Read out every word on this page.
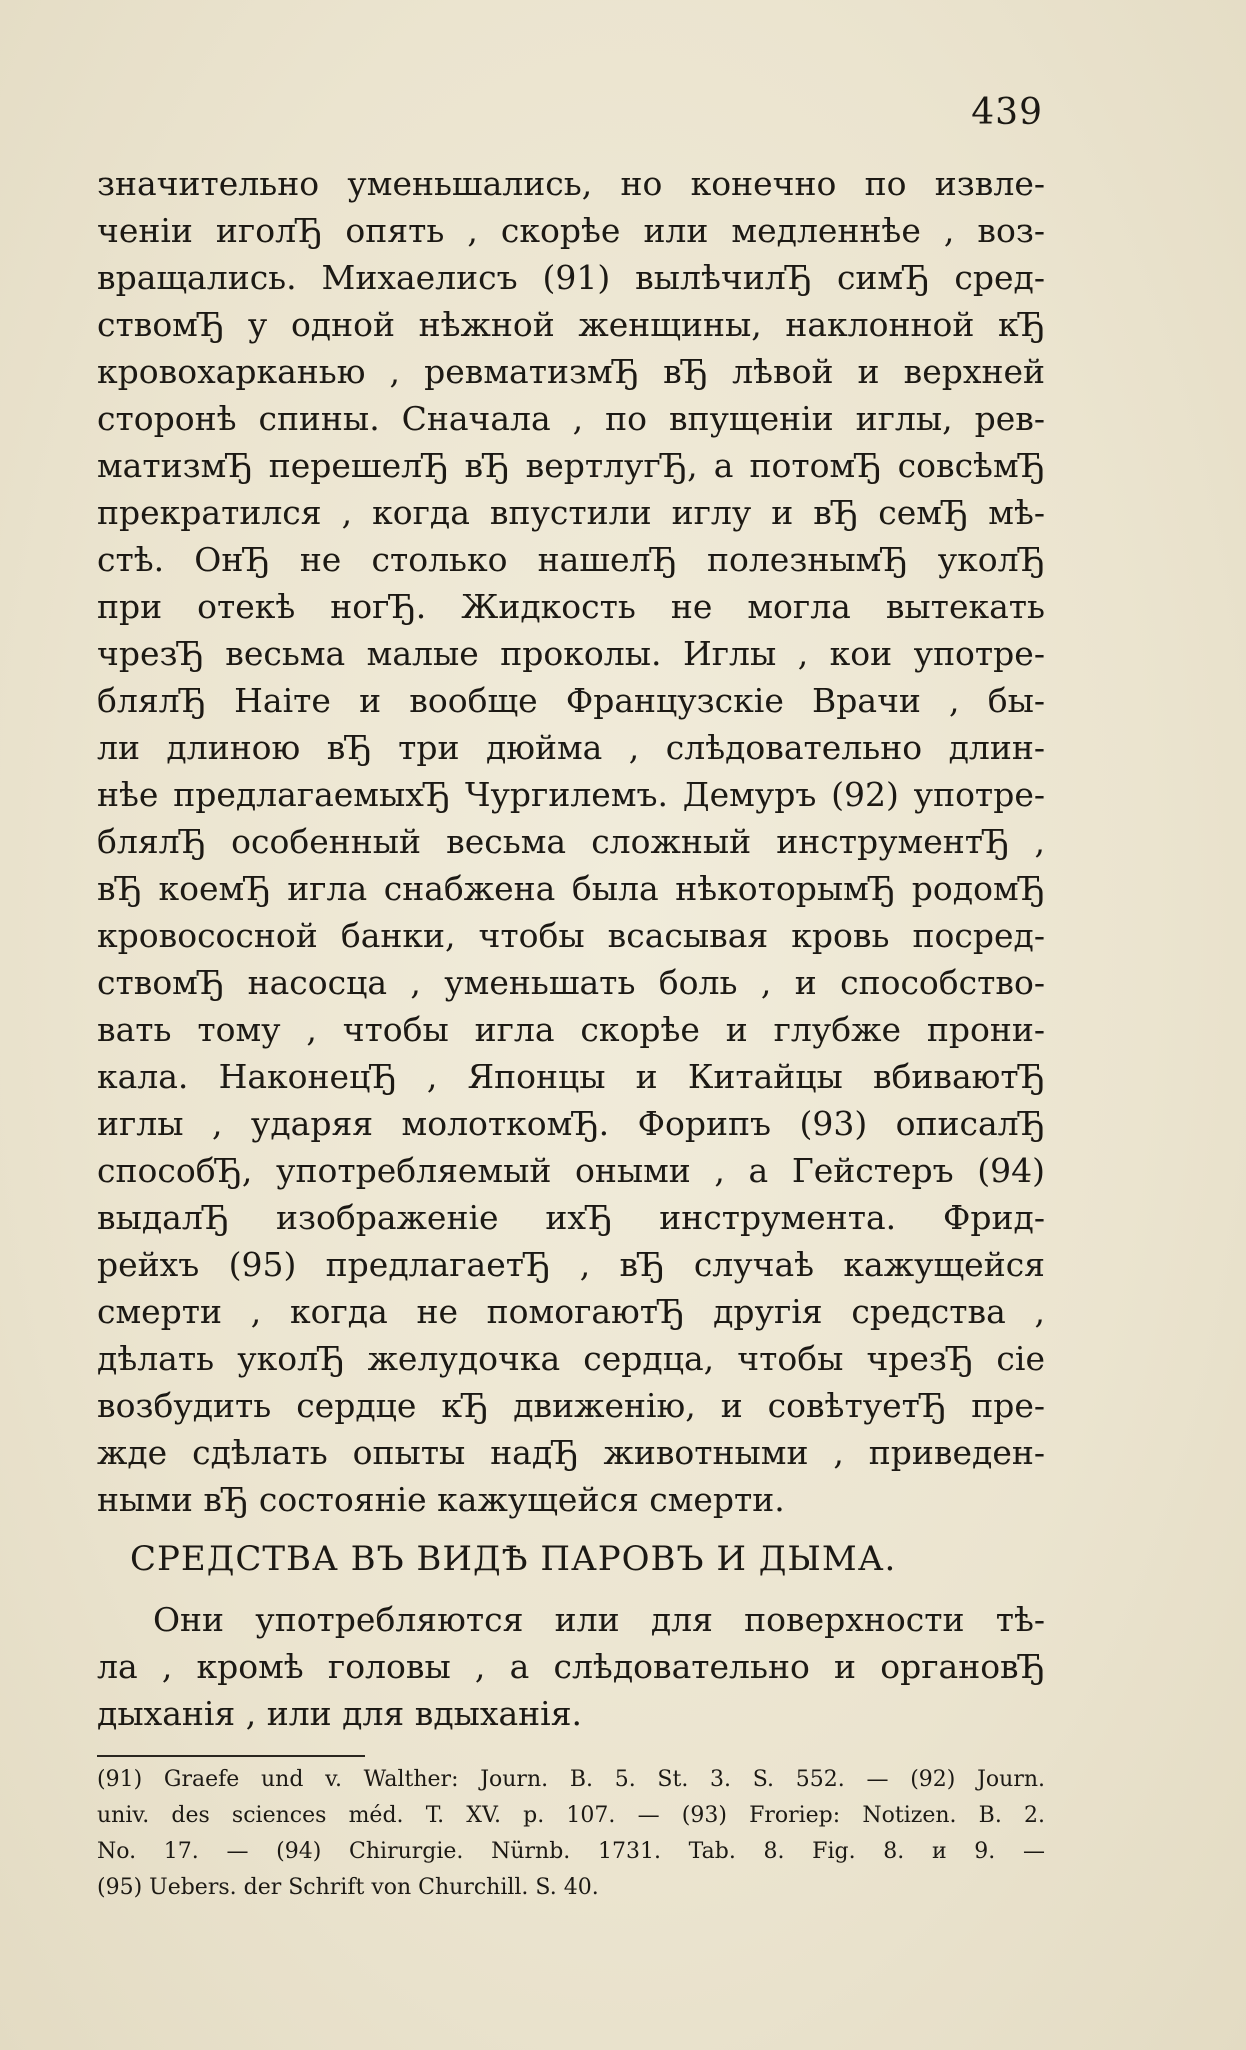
439
значительно уменьшались, но конечно по извле-
ченіи иголЂ опять , скорѣе или медленнѣе , воз-
вращались. Михаелисъ (91) вылѣчилЂ симЂ сред-
ствомЂ у одной нѣжной женщины, наклонной кЂ
кровохарканью , ревматизмЂ вЂ лѣвой и верхней
сторонѣ спины. Сначала , по впущеніи иглы, рев-
матизмЂ перешелЂ вЂ вертлугЂ, а потомЂ совсѣмЂ
прекратился , когда впустили иглу и вЂ семЂ мѣ-
стѣ. ОнЂ не столько нашелЂ полезнымЂ уколЂ
при отекѣ ногЂ. Жидкость не могла вытекать
чрезЂ весьма малые проколы. Иглы , кои употре-
блялЂ Наіте и вообще Французскіе Врачи , бы-
ли длиною вЂ три дюйма , слѣдовательно длин-
нѣе предлагаемыхЂ Чургилемъ. Демуръ (92) употре-
блялЂ особенный весьма сложный инструментЂ ,
вЂ коемЂ игла снабжена была нѣкоторымЂ родомЂ
кровососной банки, чтобы всасывая кровь посред-
ствомЂ насосца , уменьшать боль , и способство-
вать тому , чтобы игла скорѣе и глубже прони-
кала. НаконецЂ , Японцы и Китайцы вбиваютЂ
иглы , ударяя молоткомЂ. Форипъ (93) описалЂ
способЂ, употребляемый оными , а Гейстеръ (94)
выдалЂ изображеніе ихЂ инструмента. Фрид-
рейхъ (95) предлагаетЂ , вЂ случаѣ кажущейся
смерти , когда не помогаютЂ другія средства ,
дѣлать уколЂ желудочка сердца, чтобы чрезЂ сіе
возбудить сердце кЂ движенію, и совѣтуетЂ пре-
жде сдѣлать опыты надЂ животными , приведен-
ными вЂ состояніе кажущейся смерти.
СРЕДСТВА ВЪ ВИДѢ ПАРОВЪ И ДЫМА.
Они употребляются или для поверхности тѣ-
ла , кромѣ головы , а слѣдовательно и органовЂ
дыханія , или для вдыханія.
(91) Graefe und v. Walther: Journ. B. 5. St. 3. S. 552. — (92) Journ.
univ. des sciences méd. T. XV. p. 107. — (93) Froriep: Notizen. B. 2.
No. 17. — (94) Chirurgie. Nürnb. 1731. Tab. 8. Fig. 8. и 9. —
(95) Uebers. der Schrift von Churchill. S. 40.
